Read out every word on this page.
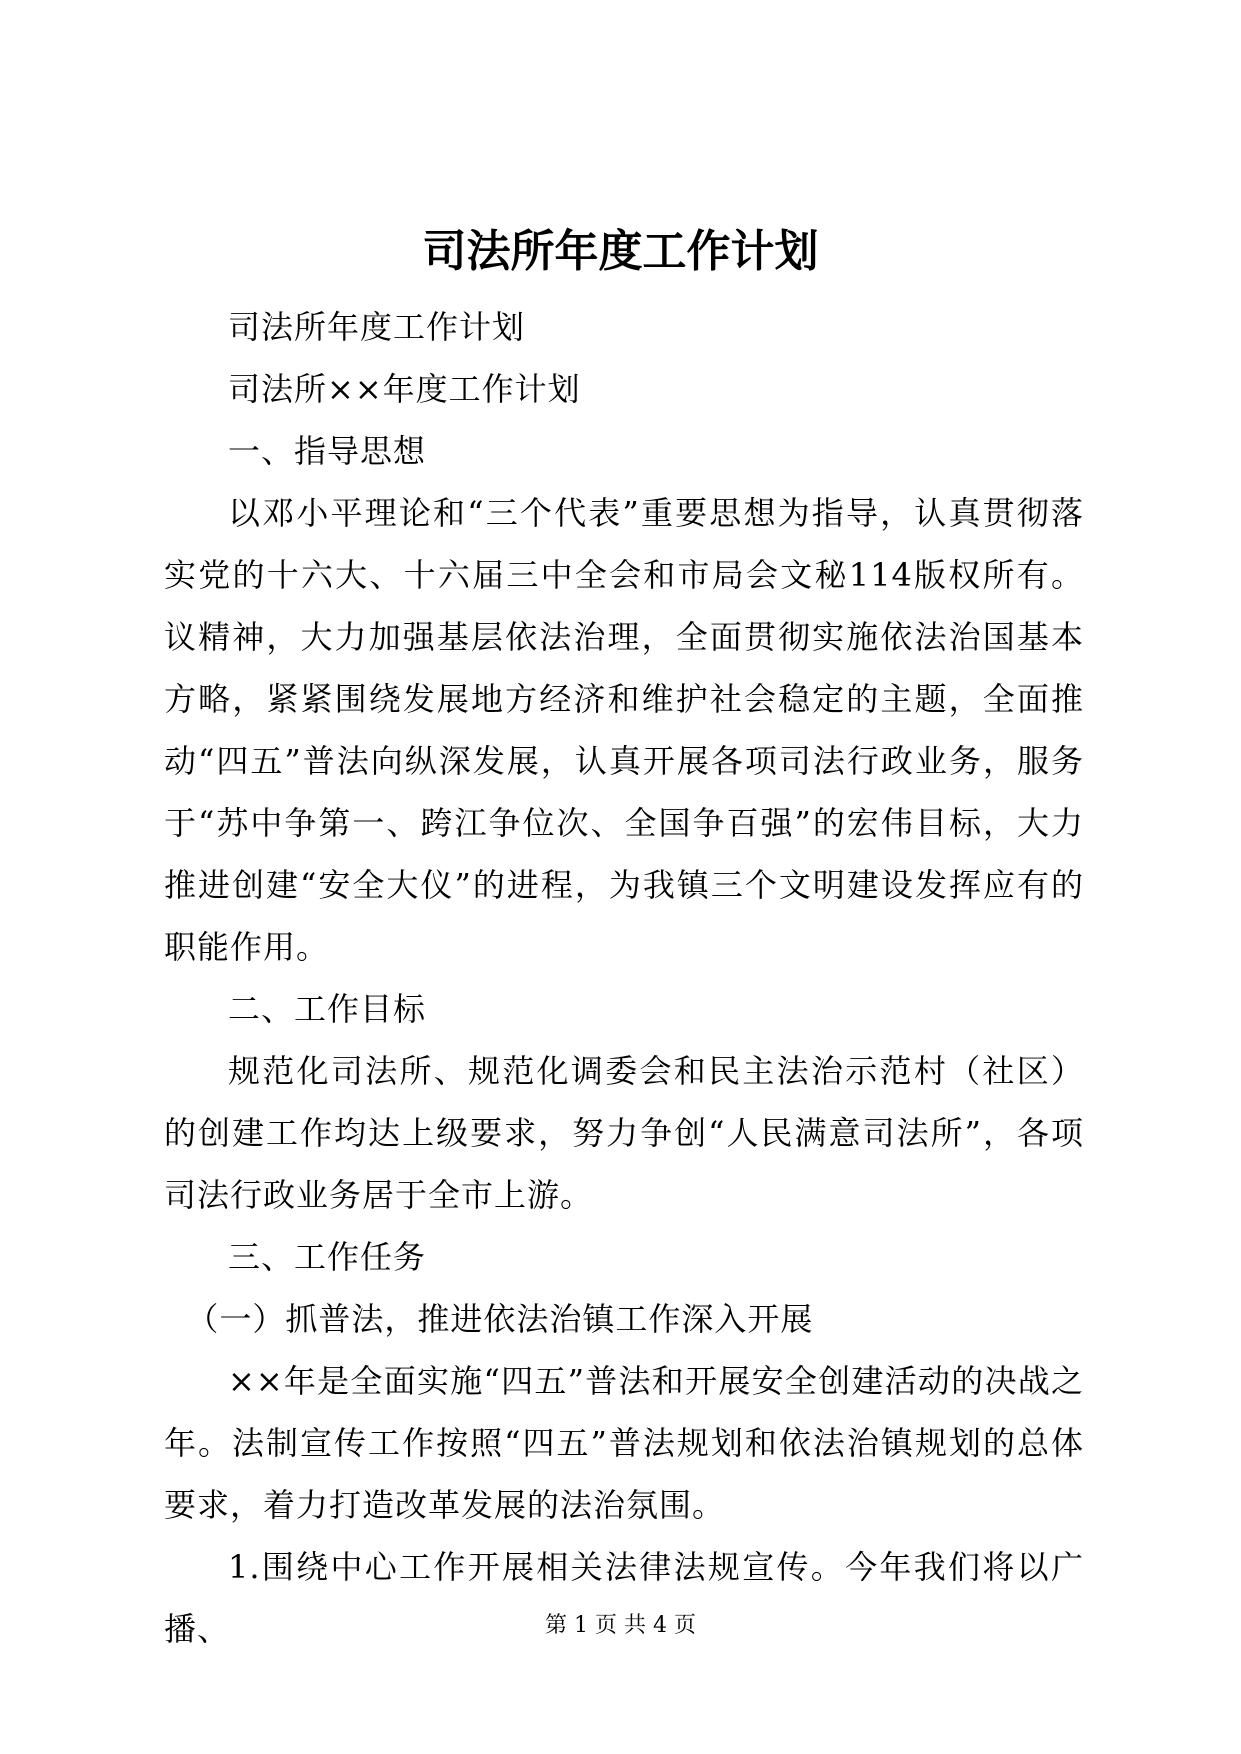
司法所年度工作计划

司法所年度工作计划

司法所××年度工作计划

一、指导思想

以邓小平理论和“三个代表”重要思想为指导，认真贯彻落实党的十六大、十六届三中全会和市局会文秘114版权所有。议精神，大力加强基层依法治理，全面贯彻实施依法治国基本方略，紧紧围绕发展地方经济和维护社会稳定的主题，全面推动“四五”普法向纵深发展，认真开展各项司法行政业务，服务于“苏中争第一、跨江争位次、全国争百强”的宏伟目标，大力推进创建“安全大仪”的进程，为我镇三个文明建设发挥应有的职能作用。

二、工作目标

规范化司法所、规范化调委会和民主法治示范村（社区）的创建工作均达上级要求，努力争创“人民满意司法所”，各项司法行政业务居于全市上游。

三、工作任务

（一）抓普法，推进依法治镇工作深入开展

××年是全面实施“四五”普法和开展安全创建活动的决战之年。法制宣传工作按照“四五”普法规划和依法治镇规划的总体要求，着力打造改革发展的法治氛围。

1.围绕中心工作开展相关法律法规宣传。今年我们将以广播、	第 1 页 共 4 页
